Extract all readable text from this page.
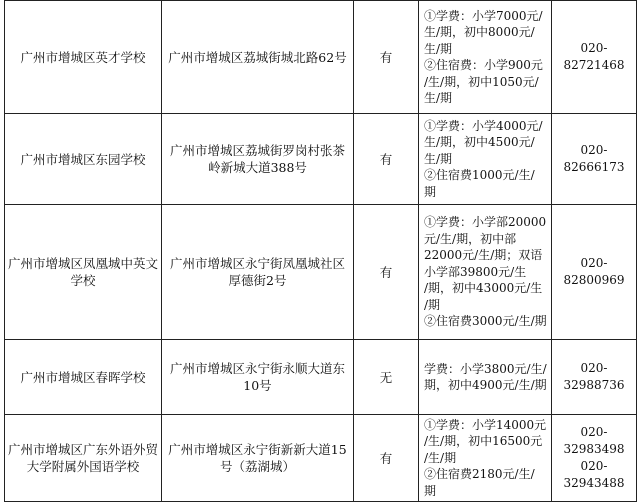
广州市增城区英才学校	广州市增城区荔城街城北路62号	有
①学费：小学7000元/
生/期，初中8000元/
生/期
②住宿费：小学900元
/生/期，初中1050元/
生/期
020-82721468
广州市增城区东园学校
广州市增城区荔城街罗岗村张茶
岭新城大道388号
有
①学费：小学4000元/
生/期，初中4500元/
生/期
②住宿费1000元/生/
期
020-82666173
广州市增城区凤凰城中英文
学校
广州市增城区永宁街凤凰城社区
厚德街2号
有
①学费：小学部20000
元/生/期，初中部
22000元/生/期；双语
小学部39800元/生
/期，初中43000元/生
/期
②住宿费3000元/生/期
020-82800969
广州市增城区春晖学校
广州市增城区永宁街永顺大道东
10号
无
学费：小学3800元/生/
期，初中4900元/生/期
020-32988736
广州市增城区广东外语外贸
大学附属外国语学校
广州市增城区永宁街新新大道15
号（荔湖城）
有
①学费：小学14000元
/生/期，初中16500元
/生/期
②住宿费2180元/生/
期
020-32983498
020-32943488
